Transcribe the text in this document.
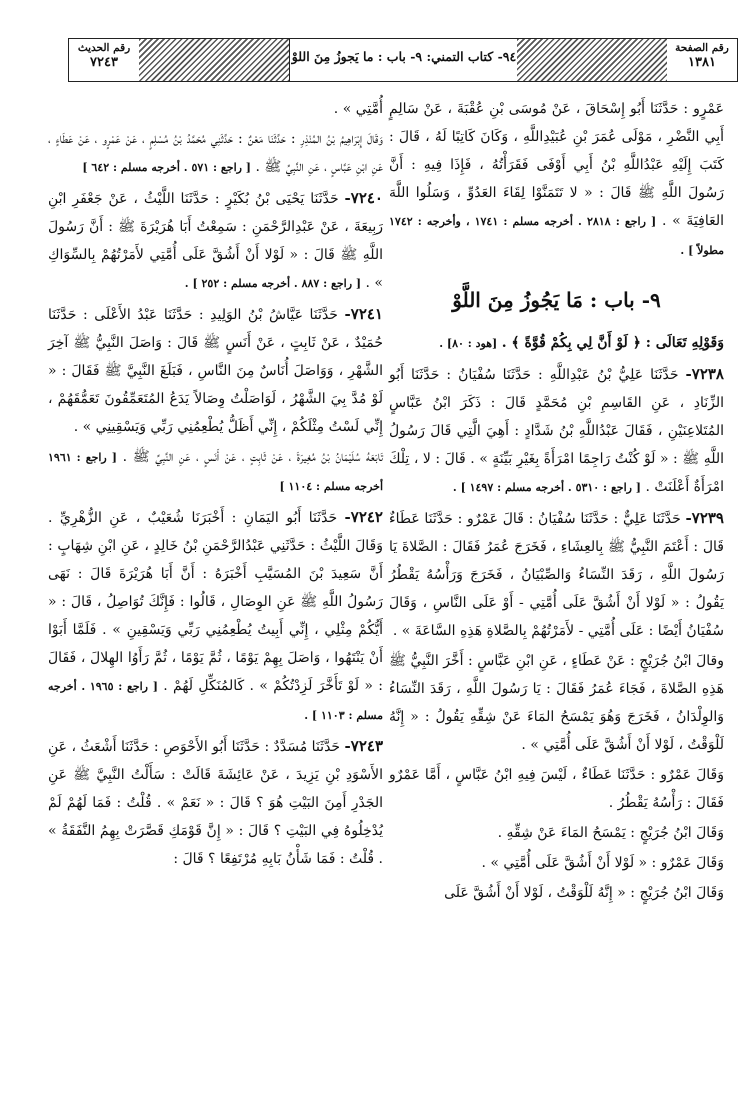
رقم الحديث
٧٢٤٣	٩٤- كتاب التمني: ٩- باب : ما يَجوزُ مِنَ اللوْ
رقم الصفحة
١٣٨١

عَمْرٍو : حَدَّثَنَا أَبُو إِسْحَاقَ ، عَنْ مُوسَى بْنِ عُقْبَةَ ، عَنْ سَالِمٍ أَبِي النَّضْرِ ، مَوْلَى عُمَرَ بْنِ عُبَيْدِاللَّهِ ، وَكَانَ كَاتِبًا لَهُ ، قَالَ : كَتَبَ إِلَيْهِ عَبْدُاللَّهِ بْنُ أَبِي أَوْفَى فَقَرَأْتُهُ ، فَإِذَا فِيهِ : أَنَّ رَسُولَ اللَّهِ ﷺ قَالَ : « لا تَتَمَنَّوْا لِقَاءَ العَدُوِّ ، وَسَلُوا اللَّهَ العَافِيَةَ » . [ راجع : ٢٨١٨ . أخرجه مسلم : ١٧٤١ ، وأخرجه : ١٧٤٢ مطولاً ] .

٩- باب : مَا يَجُوزُ مِنَ اللَّوْ

وَقَوْلِهِ تَعَالَى : ﴿ لَوْ أَنَّ لِي بِكُمْ قُوَّةً ﴾ . [هود : ٨٠] .

٧٢٣٨- حَدَّثَنَا عَلِيُّ بْنُ عَبْدِاللَّهِ : حَدَّثَنَا سُفْيَانُ : حَدَّثَنَا أَبُو الزِّنَادِ ، عَنِ القَاسِمِ بْنِ مُحَمَّدٍ قَالَ : ذَكَرَ ابْنُ عَبَّاسٍ المُتَلاعِنَيْنِ ، فَقَالَ عَبْدُاللَّهِ بْنُ شَدَّادٍ : أَهِيَ الَّتِي قَالَ رَسُولُ اللَّهِ ﷺ : « لَوْ كُنْتُ رَاجِمًا امْرَأَةً بِغَيْرِ بَيِّنَةٍ » . قَالَ : لا ، تِلْكَ امْرَأَةٌ أَعْلَنَتْ . [ راجع : ٥٣١٠ . أخرجه مسلم : ١٤٩٧ ] .

٧٢٣٩- حَدَّثَنَا عَلِيٌّ : حَدَّثَنَا سُفْيَانُ : قَالَ عَمْرٌو : حَدَّثَنَا عَطَاءٌ قَالَ : أَعْتَمَ النَّبِيُّ ﷺ بِالعِشَاءِ ، فَخَرَجَ عُمَرُ فَقَالَ : الصَّلاةَ يَا رَسُولَ اللَّهِ ، رَقَدَ النِّسَاءُ وَالصِّبْيَانُ ، فَخَرَجَ وَرَأْسُهُ يَقْطُرُ يَقُولُ : « لَوْلا أَنْ أَشُقَّ عَلَى أُمَّتِي - أَوْ عَلَى النَّاسِ ، وَقَالَ سُفْيَانُ أَيْضًا : عَلَى أُمَّتِي - لأَمَرْتُهُمْ بِالصَّلاةِ هَذِهِ السَّاعَةَ » .

وقالَ ابْنُ جُرَيْجٍ : عَنْ عَطَاءٍ ، عَنِ ابْنِ عَبَّاسٍ : أَخَّرَ النَّبِيُّ ﷺ هَذِهِ الصَّلاةَ ، فَجَاءَ عُمَرُ فَقَالَ : يَا رَسُولَ اللَّهِ ، رَقَدَ النِّسَاءُ وَالوِلْدَانُ ، فَخَرَجَ وَهُوَ يَمْسَحُ المَاءَ عَنْ شِقِّهِ يَقُولُ : « إِنَّهُ لَلْوَقْتُ ، لَوْلا أَنْ أَشُقَّ عَلَى أُمَّتِي » .

وَقَالَ عَمْرٌو : حَدَّثَنَا عَطَاءٌ ، لَيْسَ فِيهِ ابْنُ عَبَّاسٍ ، أَمَّا عَمْرٌو فَقَالَ : رَأْسُهُ يَقْطُرُ .

وَقَالَ ابْنُ جُرَيْجٍ : يَمْسَحُ المَاءَ عَنْ شِقِّهِ .

وَقَالَ عَمْرٌو : « لَوْلا أَنْ أَشُقَّ عَلَى أُمَّتِي » .

وَقَالَ ابْنُ جُرَيْجٍ : « إِنَّهُ لَلْوَقْتُ ، لَوْلا أَنْ أَشُقَّ عَلَى

أُمَّتِي » .

وَقَالَ إِبْرَاهِيمُ بْنُ المُنْذِرِ : حَدَّثَنَا مَعْنٌ : حَدَّثَنِي مُحَمَّدُ بْنُ مُسْلِمٍ ، عَنْ عَمْرٍو ، عَنْ عَطَاءٍ ، عَنِ ابْنِ عَبَّاسٍ ، عَنِ النَّبِيِّ ﷺ . [ راجع : ٥٧١ . أخرجه مسلم : ٦٤٢ ]

٧٢٤٠- حَدَّثَنَا يَحْيَى بْنُ بُكَيْرٍ : حَدَّثَنَا اللَّيْثُ ، عَنْ جَعْفَرِ ابْنِ رَبِيعَةَ ، عَنْ عَبْدِالرَّحْمَنِ : سَمِعْتُ أَبَا هُرَيْرَةَ ﷺ : أَنَّ رَسُولَ اللَّهِ ﷺ قَالَ : « لَوْلا أَنْ أَشُقَّ عَلَى أُمَّتِي لأَمَرْتُهُمْ بِالسِّوَاكِ » . [ راجع : ٨٨٧ . أخرجه مسلم : ٢٥٢ ] .

٧٢٤١- حَدَّثَنَا عَيَّاشُ بْنُ الوَلِيدِ : حَدَّثَنَا عَبْدُ الأَعْلَى : حَدَّثَنَا حُمَيْدٌ ، عَنْ ثَابِتٍ ، عَنْ أَنَسٍ ﷺ قَالَ : وَاصَلَ النَّبِيُّ ﷺ آخِرَ الشَّهْرِ ، وَوَاصَلَ أُنَاسٌ مِنَ النَّاسِ ، فَبَلَغَ النَّبِيَّ ﷺ فَقَالَ : « لَوْ مُدَّ بِيَ الشَّهْرُ ، لَوَاصَلْتُ وِصَالاً يَدَعُ المُتَعَمِّقُونَ تَعَمُّقَهُمْ ، إِنِّي لَسْتُ مِثْلَكُمْ ، إِنِّي أَظَلُّ يُطْعِمُنِي رَبِّي وَيَسْقِينِي » .

تَابَعَهُ سُلَيْمَانُ بْنُ مُغِيرَةَ ، عَنْ ثَابِتٍ ، عَنْ أَنَسٍ ، عَنِ النَّبِيِّ ﷺ . [ راجع : ١٩٦١ أخرجه مسلم : ١١٠٤ ]

٧٢٤٢- حَدَّثَنَا أَبُو اليَمَانِ : أَخْبَرَنَا شُعَيْبٌ ، عَنِ الزُّهْرِيِّ . وَقَالَ اللَّيْثُ : حَدَّثَنِي عَبْدُالرَّحْمَنِ بْنُ خَالِدٍ ، عَنِ ابْنِ شِهَابٍ : أَنَّ سَعِيدَ بْنَ المُسَيَّبِ أَخْبَرَهُ : أَنَّ أَبَا هُرَيْرَةَ قَالَ : نَهَى رَسُولُ اللَّهِ ﷺ عَنِ الوِصَالِ ، قَالُوا : فَإِنَّكَ تُوَاصِلُ ، قَالَ : « أَيُّكُمْ مِثْلِي ، إِنِّي أَبِيتُ يُطْعِمُنِي رَبِّي وَيَسْقِينِ » . فَلَمَّا أَبَوْا أَنْ يَنْتَهُوا ، وَاصَلَ بِهِمْ يَوْمًا ، ثُمَّ يَوْمًا ، ثُمَّ رَأَوُا الهِلالَ ، فَقَالَ : « لَوْ تَأَخَّرَ لَزِدْتُكُمْ » . كَالمُنَكِّلِ لَهُمْ . [ راجع : ١٩٦٥ . أخرجه مسلم : ١١٠٣ ] .

٧٢٤٣- حَدَّثَنَا مُسَدَّدٌ : حَدَّثَنَا أَبُو الأَحْوَصِ : حَدَّثَنَا أَشْعَثُ ، عَنِ الأَسْوَدِ بْنِ يَزِيدَ ، عَنْ عَائِشَةَ قَالَتْ : سَأَلْتُ النَّبِيَّ ﷺ عَنِ الجَدْرِ أَمِنَ البَيْتِ هُوَ ؟ قَالَ : « نَعَمْ » . قُلْتُ : فَمَا لَهُمْ لَمْ يُدْخِلُوهُ فِي البَيْتِ ؟ قَالَ : « إِنَّ قَوْمَكِ قَصَّرَتْ بِهِمُ النَّفَقَةُ » . قُلْتُ : فَمَا شَأْنُ بَابِهِ مُرْتَفِعًا ؟ قَالَ :
